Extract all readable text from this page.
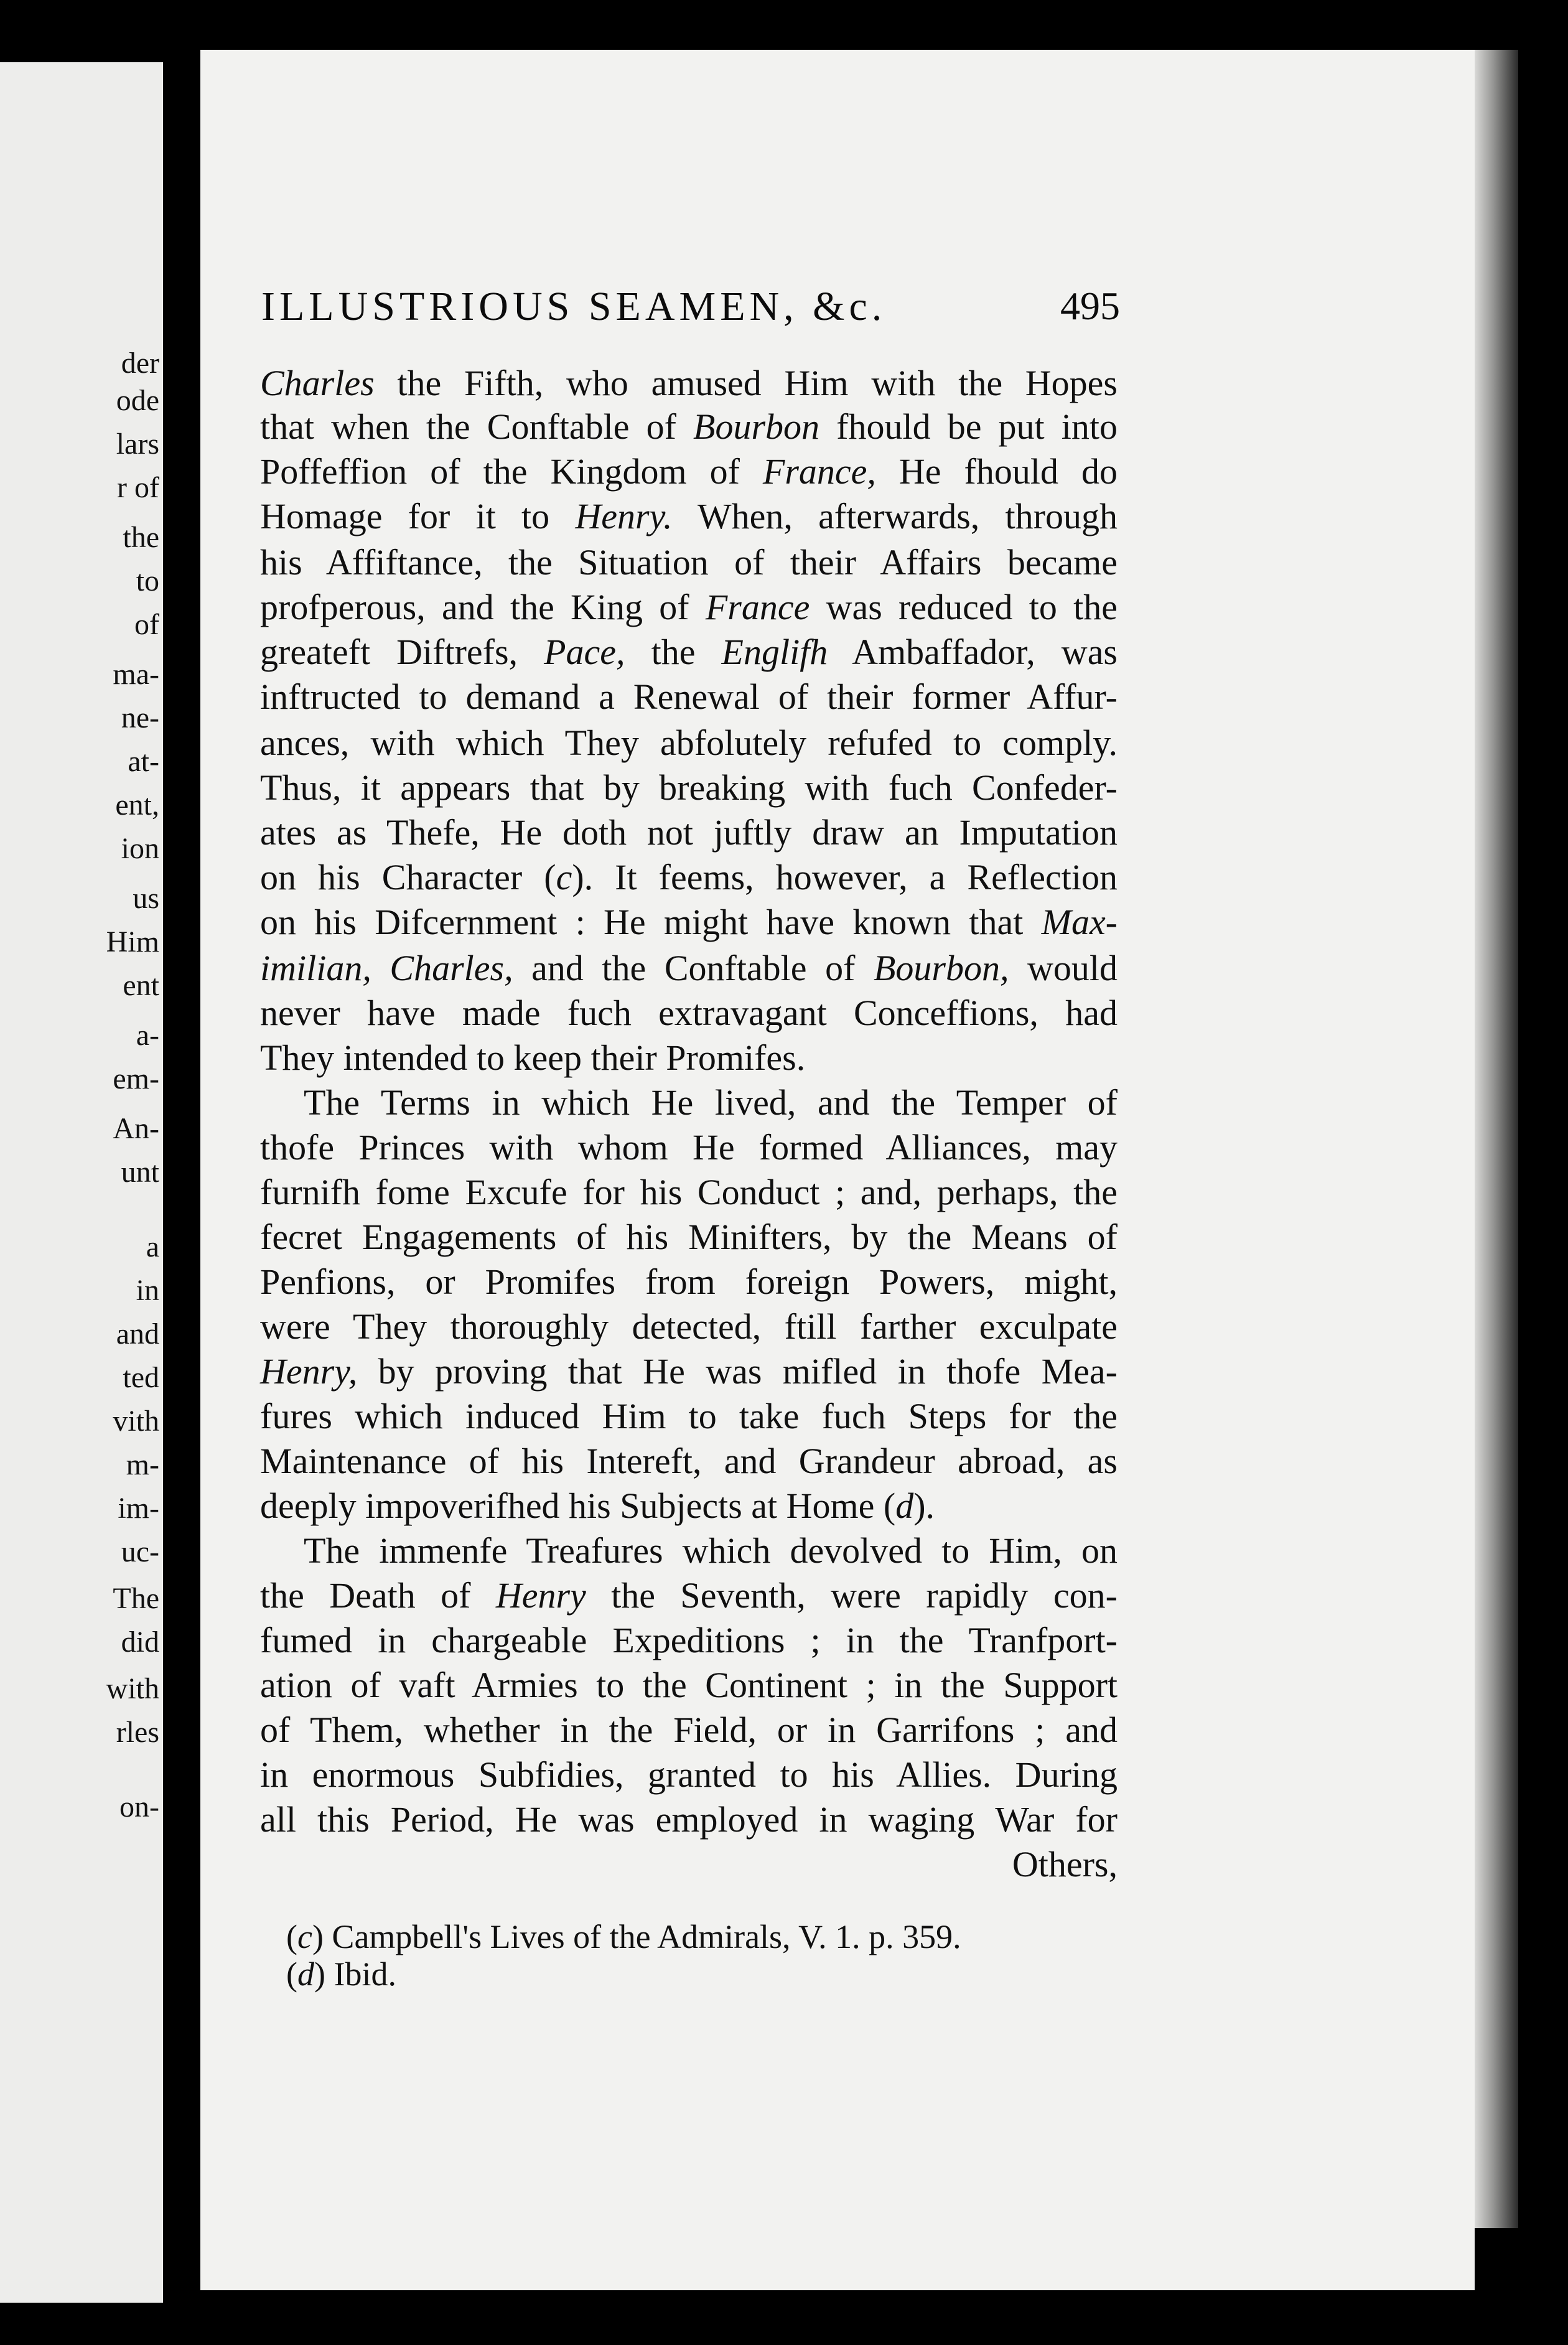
der
ode
lars
r of
the
to
of
ma-
ne-
at-
ent,
ion
us
Him
ent
a-
em-
An-
unt
a
in
and
ted
vith
m-
im-
uc-
The
did
with
rles
on-
ILLUSTRIOUS SEAMEN, &c.	495
Charles the Fifth, who amused Him with the Hopes
that when the Conftable of Bourbon fhould be put into
Poffeffion of the Kingdom of France, He fhould do
Homage for it to Henry. When, afterwards, through
his Affiftance, the Situation of their Affairs became
profperous, and the King of France was reduced to the
greateft Diftrefs, Pace, the Englifh Ambaffador, was
inftructed to demand a Renewal of their former Affur-
ances, with which They abfolutely refufed to comply.
Thus, it appears that by breaking with fuch Confeder-
ates as Thefe, He doth not juftly draw an Imputation
on his Character (c). It feems, however, a Reflection
on his Difcernment : He might have known that Max-
imilian, Charles, and the Conftable of Bourbon, would
never have made fuch extravagant Conceffions, had
They intended to keep their Promifes.
The Terms in which He lived, and the Temper of
thofe Princes with whom He formed Alliances, may
furnifh fome Excufe for his Conduct ; and, perhaps, the
fecret Engagements of his Minifters, by the Means of
Penfions, or Promifes from foreign Powers, might,
were They thoroughly detected, ftill farther exculpate
Henry, by proving that He was mifled in thofe Mea-
fures which induced Him to take fuch Steps for the
Maintenance of his Intereft, and Grandeur abroad, as
deeply impoverifhed his Subjects at Home (d).
The immenfe Treafures which devolved to Him, on
the Death of Henry the Seventh, were rapidly con-
fumed in chargeable Expeditions ; in the Tranfport-
ation of vaft Armies to the Continent ; in the Support
of Them, whether in the Field, or in Garrifons ; and
in enormous Subfidies, granted to his Allies. During
all this Period, He was employed in waging War for
Others,
(c) Campbell's Lives of the Admirals, V. 1. p. 359.
(d) Ibid.
